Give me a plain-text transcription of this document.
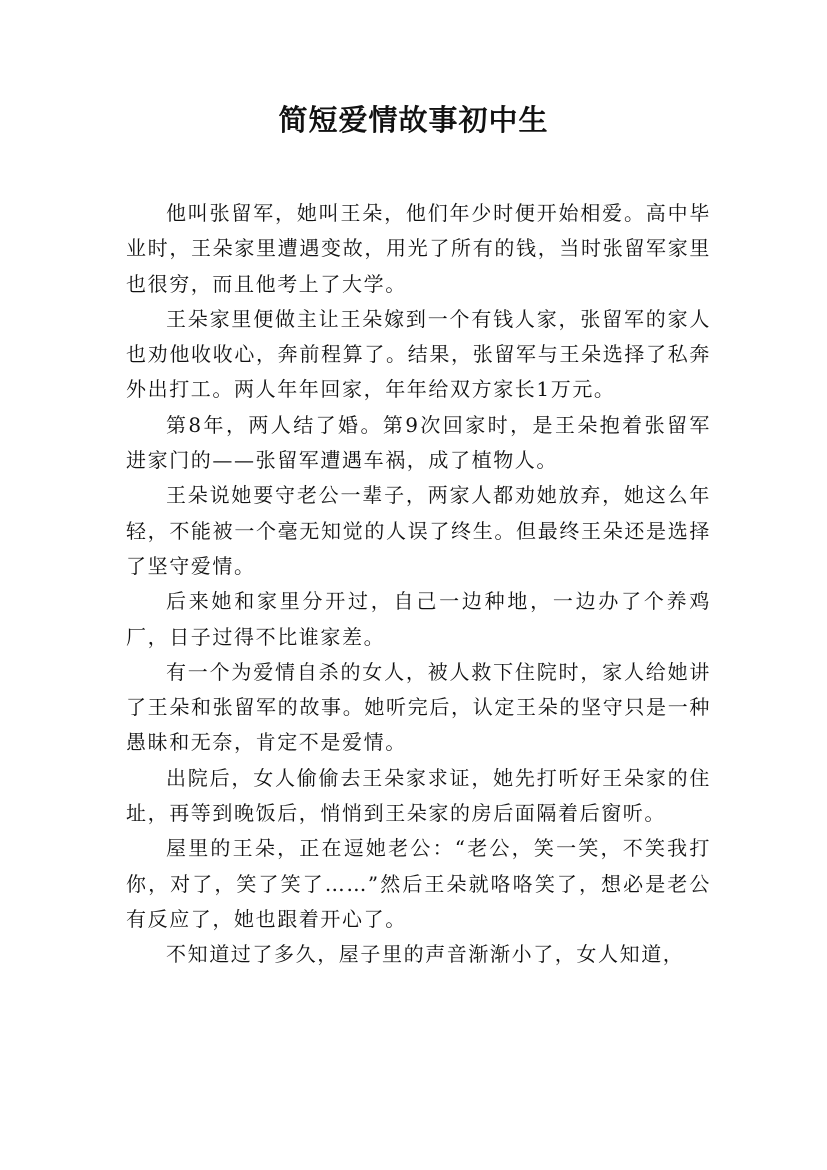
简短爱情故事初中生

他叫张留军，她叫王朵，他们年少时便开始相爱。高中毕业时，王朵家里遭遇变故，用光了所有的钱，当时张留军家里也很穷，而且他考上了大学。

王朵家里便做主让王朵嫁到一个有钱人家，张留军的家人也劝他收收心，奔前程算了。结果，张留军与王朵选择了私奔外出打工。两人年年回家，年年给双方家长1万元。

第8年，两人结了婚。第9次回家时，是王朵抱着张留军进家门的——张留军遭遇车祸，成了植物人。

王朵说她要守老公一辈子，两家人都劝她放弃，她这么年轻，不能被一个毫无知觉的人误了终生。但最终王朵还是选择了坚守爱情。

后来她和家里分开过，自己一边种地，一边办了个养鸡厂，日子过得不比谁家差。

有一个为爱情自杀的女人，被人救下住院时，家人给她讲了王朵和张留军的故事。她听完后，认定王朵的坚守只是一种愚昧和无奈，肯定不是爱情。

出院后，女人偷偷去王朵家求证，她先打听好王朵家的住址，再等到晚饭后，悄悄到王朵家的房后面隔着后窗听。

屋里的王朵，正在逗她老公：“老公，笑一笑，不笑我打你，对了，笑了笑了……”然后王朵就咯咯笑了，想必是老公有反应了，她也跟着开心了。

不知道过了多久，屋子里的声音渐渐小了，女人知道，
